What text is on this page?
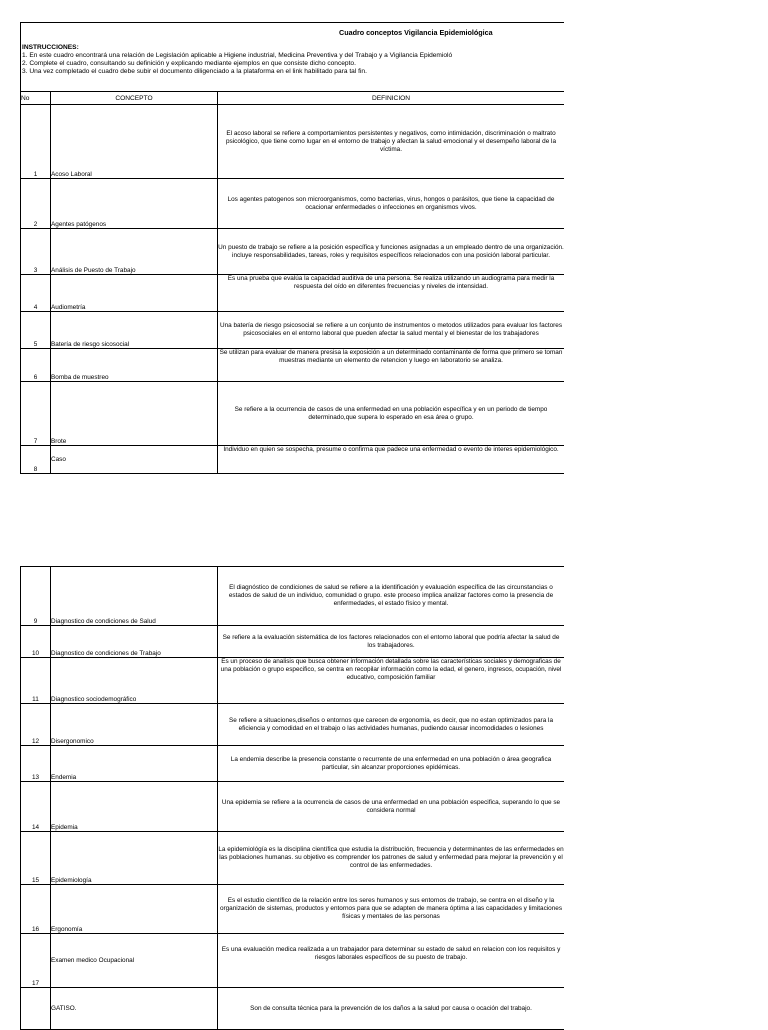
Cuadro conceptos Vigilancia Epidemiológica
INSTRUCCIONES:
1. En este cuadro encontrará una relación de Legislación aplicable a Higiene industrial, Medicina Preventiva y del Trabajo y a Vigilancia Epidemioló
2. Complete el cuadro, consultando su definición y explicando mediante ejemplos en que consiste dicho concepto.
3. Una vez completado el cuadro debe subir el documento diligenciado a la plataforma en el link habilitado para tal fin.
No	CONCEPTO	DEFINICION
1	Acoso Laboral	El acoso laboral se refiere a comportamientos persistentes y negativos, como intimidación, discriminación o maltrato psicológico, que tiene como lugar en el entorno de trabajo y afectan la salud emocional y el desempeño laboral de la víctima.
2	Agentes patógenos	Los agentes patogenos son microorganismos, como bacterias, virus, hongos o parásitos, que tiene la capacidad de ocacionar enfermedades o infecciones en organismos vivos.
3	Análisis de Puesto de Trabajo	Un puesto de trabajo se refiere a la posición específica y funciones asignadas a un empleado dentro de una organización. incluye responsabilidades, tareas, roles y requisitos específicos relacionados con una posición laboral particular.
4	Audiometría	Es una prueba que evalúa la capacidad auditiva de una persona. Se realiza utilizando un audiograma para medir la respuesta del oído en diferentes frecuencias y niveles de intensidad.
5	Batería de riesgo sicosocial	Una batería de riesgo psicosocial se refiere a un conjunto de instrumentos o metodos utilizados para evaluar los factores psicosociales en el entorno laboral que pueden afectar la salud mental y el bienestar de los trabajadores
6	Bomba de muestreo	Se utilizan para evaluar de manera presisa la exposición a un determinado contaminante de forma que primero se toman muestras mediante un elemento de retencion y luego en laboratorio se analiza.
7	Brote	Se refiere a la ocurrencia de casos de una enfermedad en una población específica y en un periodo de tiempo determinado,que supera lo esperado en esa área o grupo.
8	Caso	Individuo en quien se sospecha, presume o confirma que padece una enfermedad o evento de interes epidemiológico.
9	Diagnostico de condiciones de Salud	El diagnóstico de condiciones de salud se refiere a la identificación y evaluación específica de las circunstancias o estados de salud de un individuo, comunidad o grupo. este proceso implica analizar factores como la presencia de enfermedades, el estado físico y mental.
10	Diagnostico de condiciones de Trabajo	Se refiere a la evaluación sistemática de los factores relacionados con el entorno laboral que podría afectar la salud de los trabajadores.
11	Diagnostico sociodemográfico	Es un proceso de analisis que busca obtener información detallada sobre las características sociales y demograficas de una población o grupo especifico, se centra en recopilar información como la edad, el genero, ingresos, ocupación, nivel educativo, composición familiar
12	Disergonomico	Se refiere a situaciones,diseños o entornos que carecen de ergonomía, es decir, que no estan optimizados para la eficiencia y comodidad en el trabajo o las actividades humanas, pudiendo causar incomodidades o lesiones
13	Endemia	La endemia describe la presencia constante o recurrente de una enfermedad en una población o área geografica particular, sin alcanzar proporciones epidémicas.
14	Epidemia	Una epidemia se refiere a la ocurrencia de casos de una enfermedad en una población especifica, superando lo que se considera normal
15	Epidemiología	La epidemiológía es la disciplina científica que estudia la distribución, frecuencia y determinantes de las enfermedades en las poblaciones humanas. su objetivo es comprender los patrones de salud y enfermedad para mejorar la prevención y el control de las enfermedades.
16	Ergonomía	Es el estudio científico de la relación entre los seres humanos y sus entornos de trabajo, se centra en el diseño y la organización de sistemas, productos y entornos para que se adapten de manera óptima a las capacidades y limitaciones físicas y mentales de las personas
17	Examen medico Ocupacional	Es una evaluación medica realizada a un trabajador para determinar su estado de salud en relacion con los requisitos y riesgos laborales específicos de su puesto de trabajo.
	GATISO.	Son de consulta técnica para la prevención de los daños a la salud por causa o ocación del trabajo.
